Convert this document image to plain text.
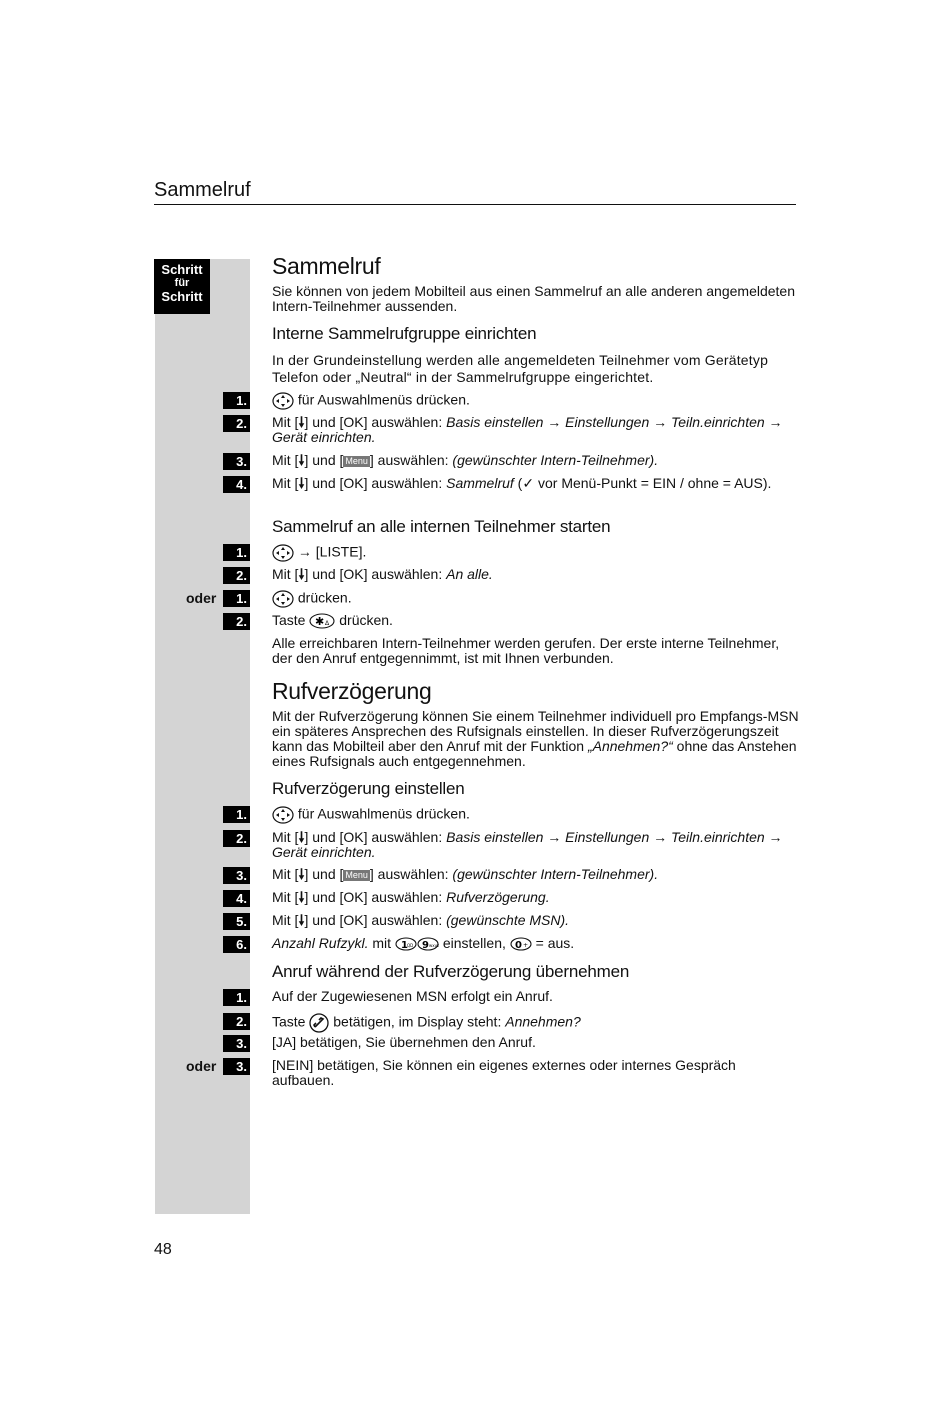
Sammelruf
Schritt
für
Schritt
Sammelruf
Sie können von jedem Mobilteil aus einen Sammelruf an alle anderen angemeldeten Intern-Teilnehmer aussenden.
Interne Sammelrufgruppe einrichten
In der Grundeinstellung werden alle angemeldeten Teilnehmer vom Gerätetyp Telefon oder „Neutral“ in der Sammelrufgruppe eingerichtet.
1.	für Auswahlmenüs drücken.
2. Mit [🠗] und [OK] auswählen: Basis einstellen → Einstellungen → Teiln.einrichten → Gerät einrichten.
3. Mit [🠗] und [ Menu ] auswählen: (gewünschter Intern-Teilnehmer).
4. Mit [🠗] und [OK] auswählen: Sammelruf (✓ vor Menü-Punkt = EIN / ohne = AUS).
Sammelruf an alle internen Teilnehmer starten
1.	→ [LISTE].
2. Mit [🠗] und [OK] auswählen: An alle.
oder	1.	drücken.
2. Taste ✱ Δ drücken.
Alle erreichbaren Intern-Teilnehmer werden gerufen. Der erste interne Teilnehmer, der den Anruf entgegennimmt, ist mit Ihnen verbunden.
Rufverzögerung
Mit der Rufverzögerung können Sie einem Teilnehmer individuell pro Empfangs-MSN ein späteres Ansprechen des Rufsignals einstellen. In dieser Rufverzögerungszeit kann das Mobilteil aber den Anruf mit der Funktion „Annehmen?“ ohne das Anstehen eines Rufsignals auch entgegennehmen.
Rufverzögerung einstellen
1.	für Auswahlmenüs drücken.
2. Mit [🠗] und [OK] auswählen: Basis einstellen → Einstellungen → Teiln.einrichten → Gerät einrichten.
3. Mit [🠗] und [ Menu ] auswählen: (gewünschter Intern-Teilnehmer).
4. Mit [🠗] und [OK] auswählen: Rufverzögerung.
5. Mit [🠗] und [OK] auswählen: (gewünschte MSN).
6. Anzahl Rufzykl. mit 1 QD 9 wxyz einstellen, 0 + = aus.
Anruf während der Rufverzögerung übernehmen
1. Auf der Zugewiesenen MSN erfolgt ein Anruf.
2. Taste  betätigen, im Display steht: Annehmen?
3. [JA] betätigen, Sie übernehmen den Anruf.
oder	3. [NEIN] betätigen, Sie können ein eigenes externes oder internes Gespräch aufbauen.
48
